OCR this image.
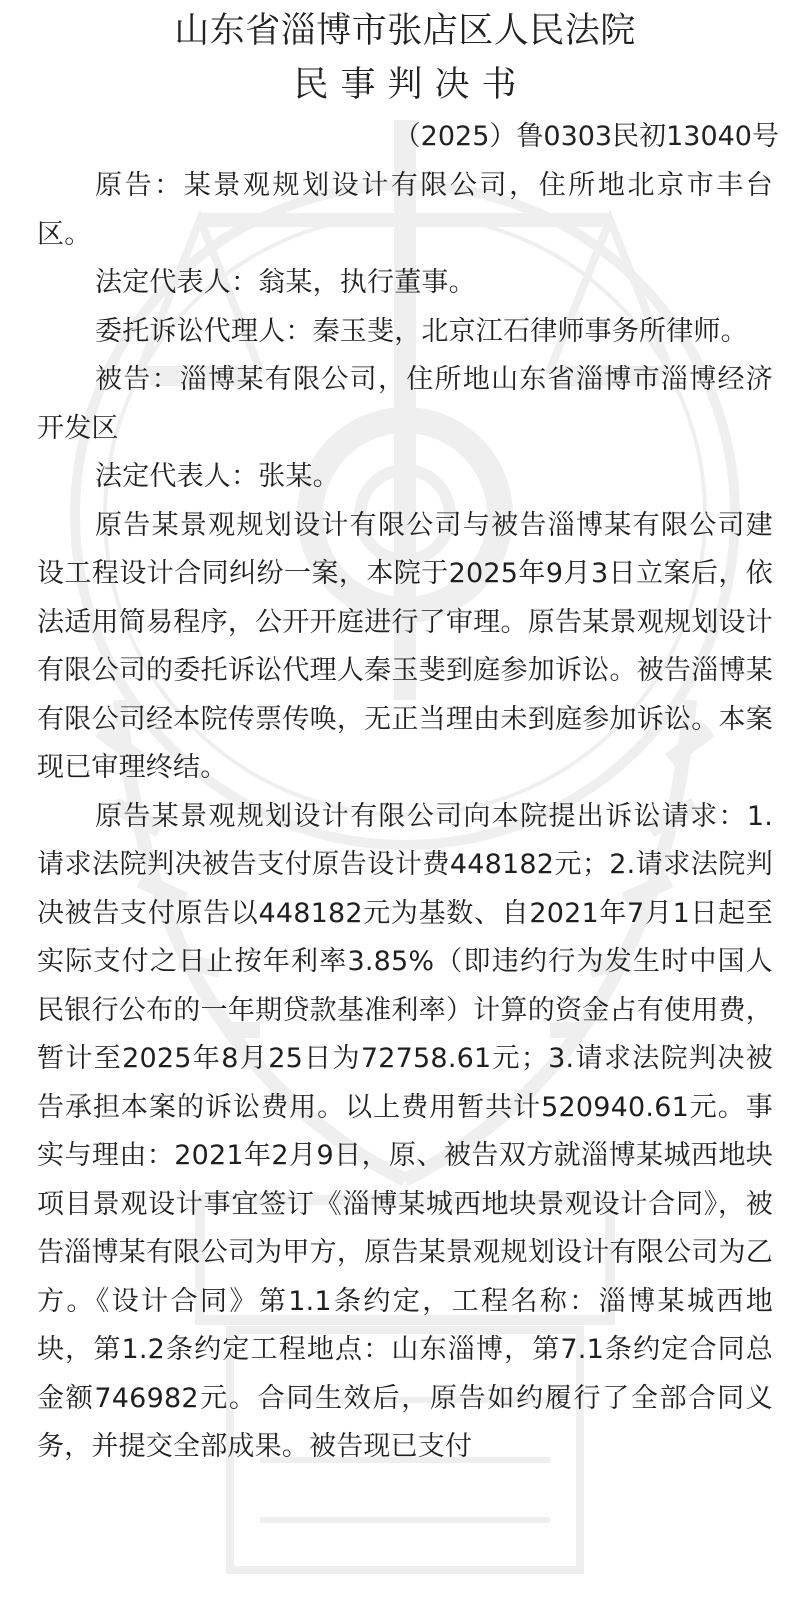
山东省淄博市张店区人民法院
民事判决书
（2025）鲁0303民初13040号

原告：某景观规划设计有限公司，住所地北京市丰台区。

法定代表人：翁某，执行董事。

委托诉讼代理人：秦玉斐，北京江石律师事务所律师。

被告：淄博某有限公司，住所地山东省淄博市淄博经济开发区

法定代表人：张某。

原告某景观规划设计有限公司与被告淄博某有限公司建设工程设计合同纠纷一案，本院于2025年9月3日立案后，依法适用简易程序，公开开庭进行了审理。原告某景观规划设计有限公司的委托诉讼代理人秦玉斐到庭参加诉讼。被告淄博某有限公司经本院传票传唤，无正当理由未到庭参加诉讼。本案现已审理终结。

原告某景观规划设计有限公司向本院提出诉讼请求：1.请求法院判决被告支付原告设计费448182元；2.请求法院判决被告支付原告以448182元为基数、自2021年7月1日起至实际支付之日止按年利率3.85%（即违约行为发生时中国人民银行公布的一年期贷款基准利率）计算的资金占有使用费，暂计至2025年8月25日为72758.61元；3.请求法院判决被告承担本案的诉讼费用。以上费用暂共计520940.61元。事实与理由：2021年2月9日，原、被告双方就淄博某城西地块项目景观设计事宜签订《淄博某城西地块景观设计合同》，被告淄博某有限公司为甲方，原告某景观规划设计有限公司为乙方。《设计合同》第1.1条约定，工程名称：淄博某城西地块，第1.2条约定工程地点：山东淄博，第7.1条约定合同总金额746982元。合同生效后，原告如约履行了全部合同义务，并提交全部成果。被告现已支付
